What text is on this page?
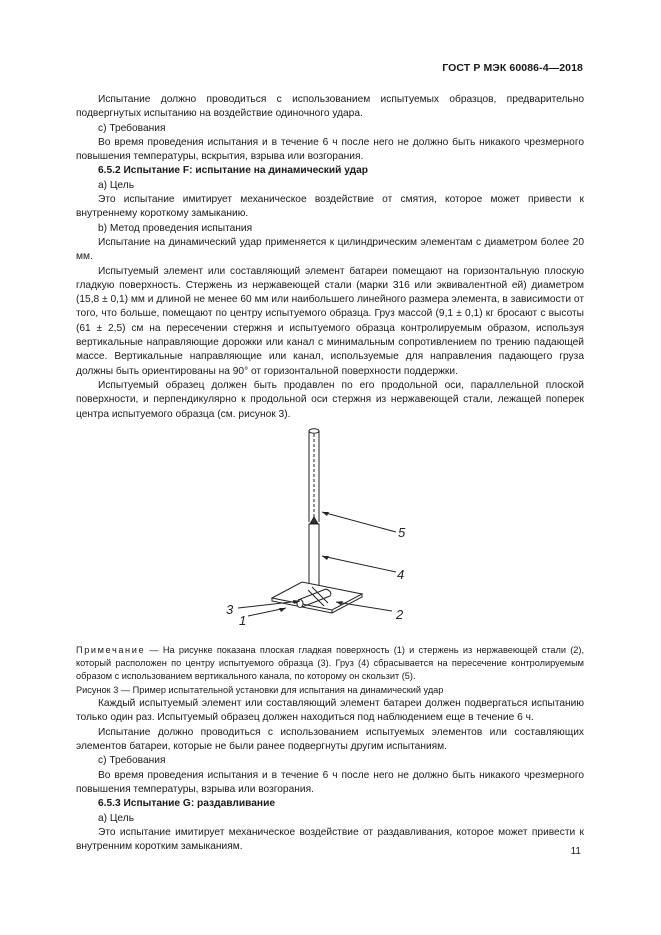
ГОСТ Р МЭК 60086-4—2018

Испытание должно проводиться с использованием испытуемых образцов, предварительно подвергнутых испытанию на воздействие одиночного удара.

c) Требования

Во время проведения испытания и в течение 6 ч после него не должно быть никакого чрезмерного повышения температуры, вскрытия, взрыва или возгорания.

6.5.2 Испытание F: испытание на динамический удар

a) Цель

Это испытание имитирует механическое воздействие от смятия, которое может привести к внутреннему короткому замыканию.

b) Метод проведения испытания

Испытание на динамический удар применяется к цилиндрическим элементам с диаметром более 20 мм.

Испытуемый элемент или составляющий элемент батареи помещают на горизонтальную плоскую гладкую поверхность. Стержень из нержавеющей стали (марки 316 или эквивалентной ей) диаметром (15,8 ± 0,1) мм и длиной не менее 60 мм или наибольшего линейного размера элемента, в зависимости от того, что больше, помещают по центру испытуемого образца. Груз массой (9,1 ± 0,1) кг бросают с высоты (61 ± 2,5) см на пересечении стержня и испытуемого образца контролируемым образом, используя вертикальные направляющие дорожки или канал с минимальным сопротивлением по трению падающей массе. Вертикальные направляющие или канал, используемые для направления падающего груза должны быть ориентированы на 90° от горизонтальной поверхности поддержки.

Испытуемый образец должен быть продавлен по его продольной оси, параллельной плоской поверхности, и перпендикулярно к продольной оси стержня из нержавеющей стали, лежащей поперек центра испытуемого образца (см. рисунок 3).

5
4
2
3
1

Примечание — На рисунке показана плоская гладкая поверхность (1) и стержень из нержавеющей стали (2), который расположен по центру испытуемого образца (3). Груз (4) сбрасывается на пересечение контролируемым образом с использованием вертикального канала, по которому он скользит (5).

Рисунок 3 — Пример испытательной установки для испытания на динамический удар

Каждый испытуемый элемент или составляющий элемент батареи должен подвергаться испытанию только один раз. Испытуемый образец должен находиться под наблюдением еще в течение 6 ч.

Испытание должно проводиться с использованием испытуемых элементов или составляющих элементов батареи, которые не были ранее подвергнуты другим испытаниям.

c) Требования

Во время проведения испытания и в течение 6 ч после него не должно быть никакого чрезмерного повышения температуры, взрыва или возгорания.

6.5.3 Испытание G: раздавливание

a) Цель

Это испытание имитирует механическое воздействие от раздавливания, которое может привести к внутренним коротким замыканиям.	11
